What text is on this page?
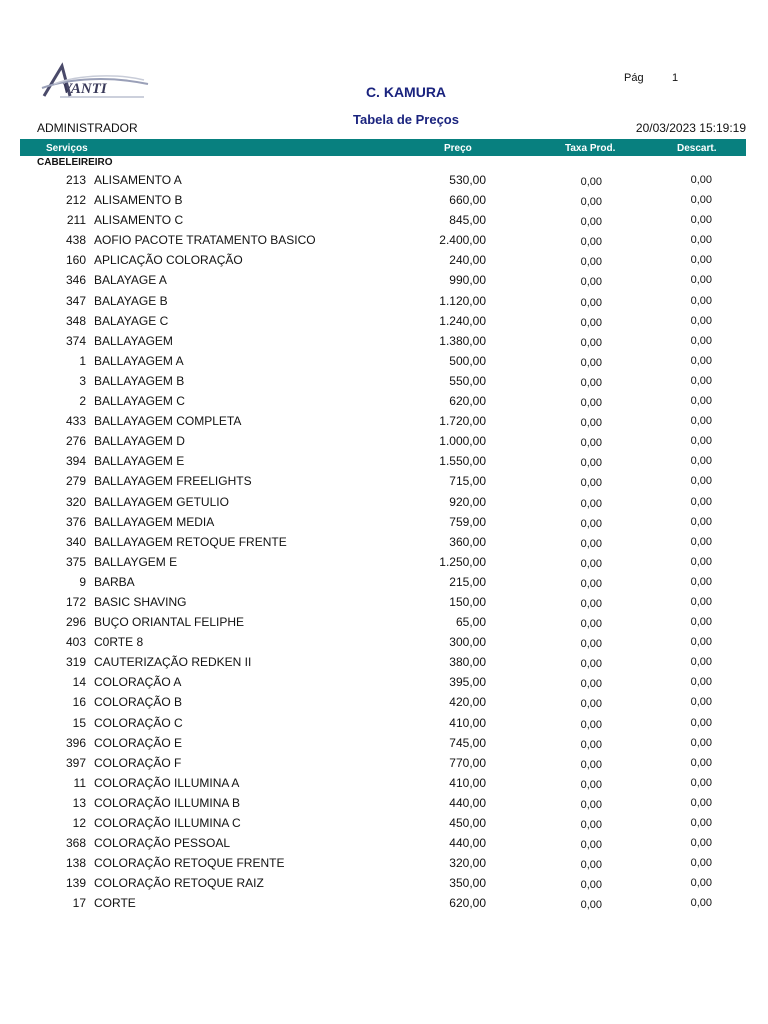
VANTI	C. KAMURA
Tabela de Preços
Pág	1
ADMINISTRADOR	20/03/2023 15:19:19
Serviços	Preço	Taxa Prod.	Descart.
CABELEIREIRO
213 ALISAMENTO A	530,00	0,00	0,00
212 ALISAMENTO B	660,00	0,00	0,00
211 ALISAMENTO C	845,00	0,00	0,00
438 AOFIO PACOTE TRATAMENTO BASICO	2.400,00	0,00	0,00
160 APLICAÇÃO COLORAÇÃO	240,00	0,00	0,00
346 BALAYAGE A	990,00	0,00	0,00
347 BALAYAGE B	1.120,00	0,00	0,00
348 BALAYAGE C	1.240,00	0,00	0,00
374 BALLAYAGEM	1.380,00	0,00	0,00
1 BALLAYAGEM A	500,00	0,00	0,00
3 BALLAYAGEM B	550,00	0,00	0,00
2 BALLAYAGEM C	620,00	0,00	0,00
433 BALLAYAGEM COMPLETA	1.720,00	0,00	0,00
276 BALLAYAGEM D	1.000,00	0,00	0,00
394 BALLAYAGEM E	1.550,00	0,00	0,00
279 BALLAYAGEM FREELIGHTS	715,00	0,00	0,00
320 BALLAYAGEM GETULIO	920,00	0,00	0,00
376 BALLAYAGEM MEDIA	759,00	0,00	0,00
340 BALLAYAGEM RETOQUE FRENTE	360,00	0,00	0,00
375 BALLAYGEM E	1.250,00	0,00	0,00
9 BARBA	215,00	0,00	0,00
172 BASIC SHAVING	150,00	0,00	0,00
296 BUÇO ORIANTAL FELIPHE	65,00	0,00	0,00
403 C0RTE 8	300,00	0,00	0,00
319 CAUTERIZAÇÃO REDKEN II	380,00	0,00	0,00
14 COLORAÇÃO A	395,00	0,00	0,00
16 COLORAÇÃO B	420,00	0,00	0,00
15 COLORAÇÃO C	410,00	0,00	0,00
396 COLORAÇÃO E	745,00	0,00	0,00
397 COLORAÇÃO F	770,00	0,00	0,00
11 COLORAÇÃO ILLUMINA A	410,00	0,00	0,00
13 COLORAÇÃO ILLUMINA B	440,00	0,00	0,00
12 COLORAÇÃO ILLUMINA C	450,00	0,00	0,00
368 COLORAÇÃO PESSOAL	440,00	0,00	0,00
138 COLORAÇÃO RETOQUE FRENTE	320,00	0,00	0,00
139 COLORAÇÃO RETOQUE RAIZ	350,00	0,00	0,00
17 CORTE	620,00	0,00	0,00
